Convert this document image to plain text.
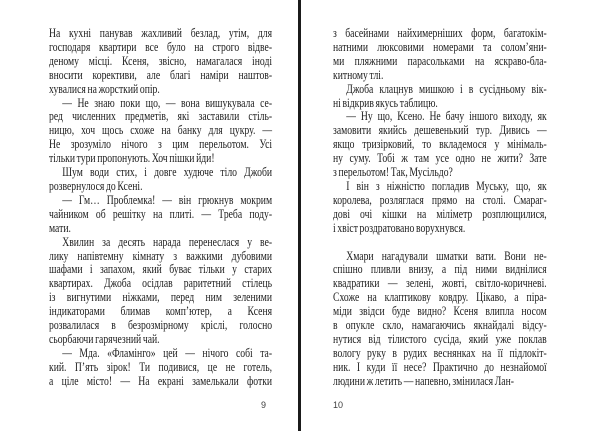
На кухні панував жахливий безлад, утім, для
господаря квартири все було на строго відве-
деному місці. Ксеня, звісно, намагалася іноді
вносити корективи, але благі наміри наштов-
хувалися на жорсткий опір.
— Не знаю поки що, — вона вишукувала се-
ред численних предметів, які заставили стіль-
ницю, хоч щось схоже на банку для цукру. —
Не зрозуміло нічого з цим перельотом. Усі
тільки тури пропонують. Хоч пішки йди!
Шум води стих, і довге худюче тіло Джоби
розвернулося до Ксені.
— Гм… Проблемка! — він грюкнув мокрим
чайником об решітку на плиті. — Треба поду-
мати.
Хвилин за десять нарада перенеслася у ве-
лику напівтемну кімнату з важкими дубовими
шафами і запахом, який буває тільки у старих
квартирах. Джоба осідлав раритетний стілець
із вигнутими ніжками, перед ним зеленими
індикаторами блимав комп’ютер, а Ксеня
розвалилася в безрозмірному кріслі, голосно
сьорбаючи гарячезний чай.
— Мда. «Фламінго» цей — нічого собі та-
кий. П’ять зірок! Ти подивися, це не готель,
а ціле місто! — На екрані замелькали фотки
з басейнами найхимерніших форм, багатокім-
натними люксовими номерами та солом’яни-
ми пляжними парасольками на яскраво-бла-
китному тлі.
Джоба клацнув мишкою і в сусідньому вік-
ні відкрив якусь таблицю.
— Ну що, Ксено. Не бачу іншого виходу, як
замовити якийсь дешевенький тур. Дивись —
якщо тризірковий, то вкладемося у мінімаль-
ну суму. Тобі ж там усе одно не жити? Зате
з перельотом! Так, Мусільдо?
І він з ніжністю погладив Муську, що, як
королева, розляглася прямо на столі. Смараг-
дові очі кішки на міліметр розплющилися,
і хвіст роздратовано ворухнувся.
Хмари нагадували шматки вати. Вони не-
спішно пливли внизу, а під ними виднілися
квадратики — зелені, жовті, світло-коричневі.
Схоже на клаптикову ковдру. Цікаво, а піра-
міди звідси буде видно? Ксеня влипла носом
в опукле скло, намагаючись якнайдалі відсу-
нутися від тілистого сусіда, який уже поклав
вологу руку в рудих веснянках на її підлокіт-
ник. І куди її несе? Практично до незнайомої
людини ж летить — напевно, змінилася Лан-
9	10
